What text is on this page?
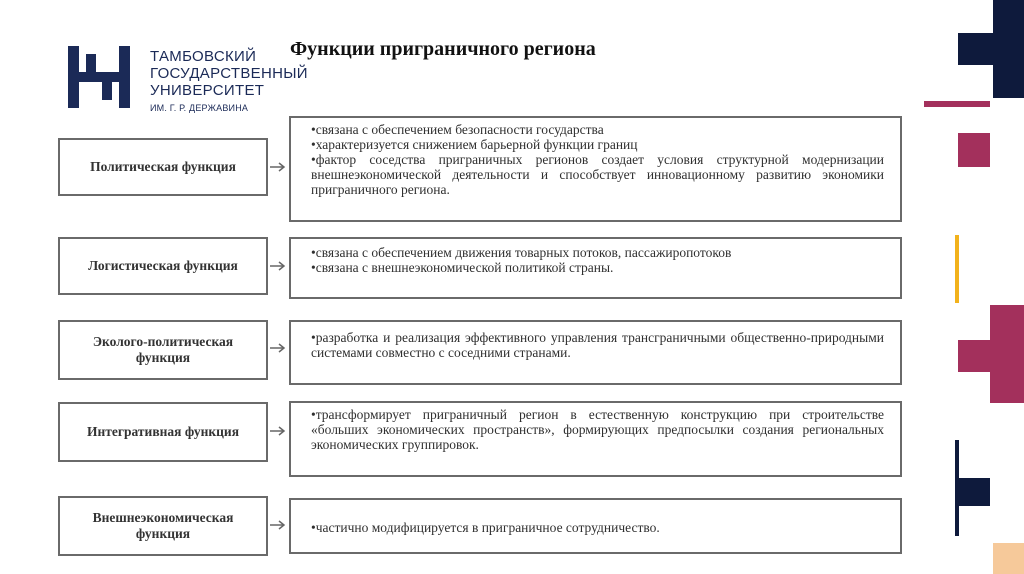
ТАМБОВСКИЙ
ГОСУДАРСТВЕННЫЙ
УНИВЕРСИТЕТ
ИМ. Г. Р. ДЕРЖАВИНА
Функции приграничного региона
Политическая функция
•связана с обеспечением безопасности государства
•характеризуется снижением барьерной функции границ
•фактор соседства приграничных регионов создает условия структурной модернизации внешнеэкономической деятельности и способствует инновационному развитию экономики приграничного региона.
Логистическая функция
•связана с обеспечением движения товарных потоков, пассажиропотоков
•связана с внешнеэкономической политикой страны.
Эколого-политическая функция
•разработка и реализация эффективного управления трансграничными общественно-природными системами совместно с соседними странами.
Интегративная функция
•трансформирует приграничный регион в естественную конструкцию при строительстве «больших экономических пространств», формирующих предпосылки создания региональных экономических группировок.
Внешнеэкономическая функция	•частично модифицируется в приграничное сотрудничество.
